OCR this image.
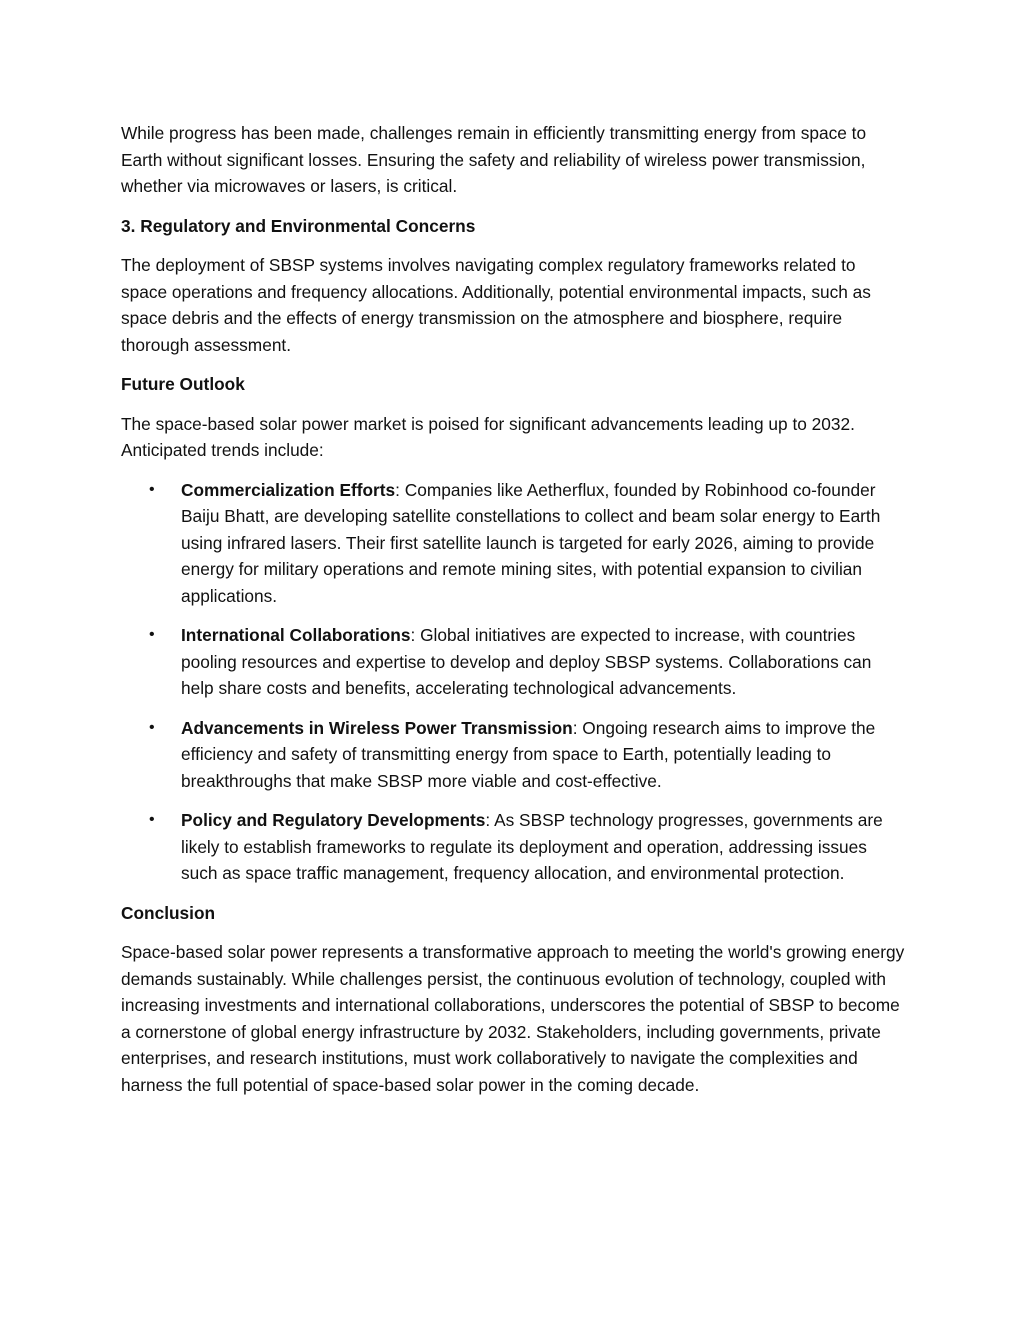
While progress has been made, challenges remain in efficiently transmitting energy from space to Earth without significant losses. Ensuring the safety and reliability of wireless power transmission, whether via microwaves or lasers, is critical.

3. Regulatory and Environmental Concerns

The deployment of SBSP systems involves navigating complex regulatory frameworks related to space operations and frequency allocations. Additionally, potential environmental impacts, such as space debris and the effects of energy transmission on the atmosphere and biosphere, require thorough assessment.

Future Outlook

The space-based solar power market is poised for significant advancements leading up to 2032. Anticipated trends include:

• Commercialization Efforts: Companies like Aetherflux, founded by Robinhood co-founder Baiju Bhatt, are developing satellite constellations to collect and beam solar energy to Earth using infrared lasers. Their first satellite launch is targeted for early 2026, aiming to provide energy for military operations and remote mining sites, with potential expansion to civilian applications.
• International Collaborations: Global initiatives are expected to increase, with countries pooling resources and expertise to develop and deploy SBSP systems. Collaborations can help share costs and benefits, accelerating technological advancements.
• Advancements in Wireless Power Transmission: Ongoing research aims to improve the efficiency and safety of transmitting energy from space to Earth, potentially leading to breakthroughs that make SBSP more viable and cost-effective.
• Policy and Regulatory Developments: As SBSP technology progresses, governments are likely to establish frameworks to regulate its deployment and operation, addressing issues such as space traffic management, frequency allocation, and environmental protection.

Conclusion

Space-based solar power represents a transformative approach to meeting the world's growing energy demands sustainably. While challenges persist, the continuous evolution of technology, coupled with increasing investments and international collaborations, underscores the potential of SBSP to become a cornerstone of global energy infrastructure by 2032. Stakeholders, including governments, private enterprises, and research institutions, must work collaboratively to navigate the complexities and harness the full potential of space-based solar power in the coming decade.
